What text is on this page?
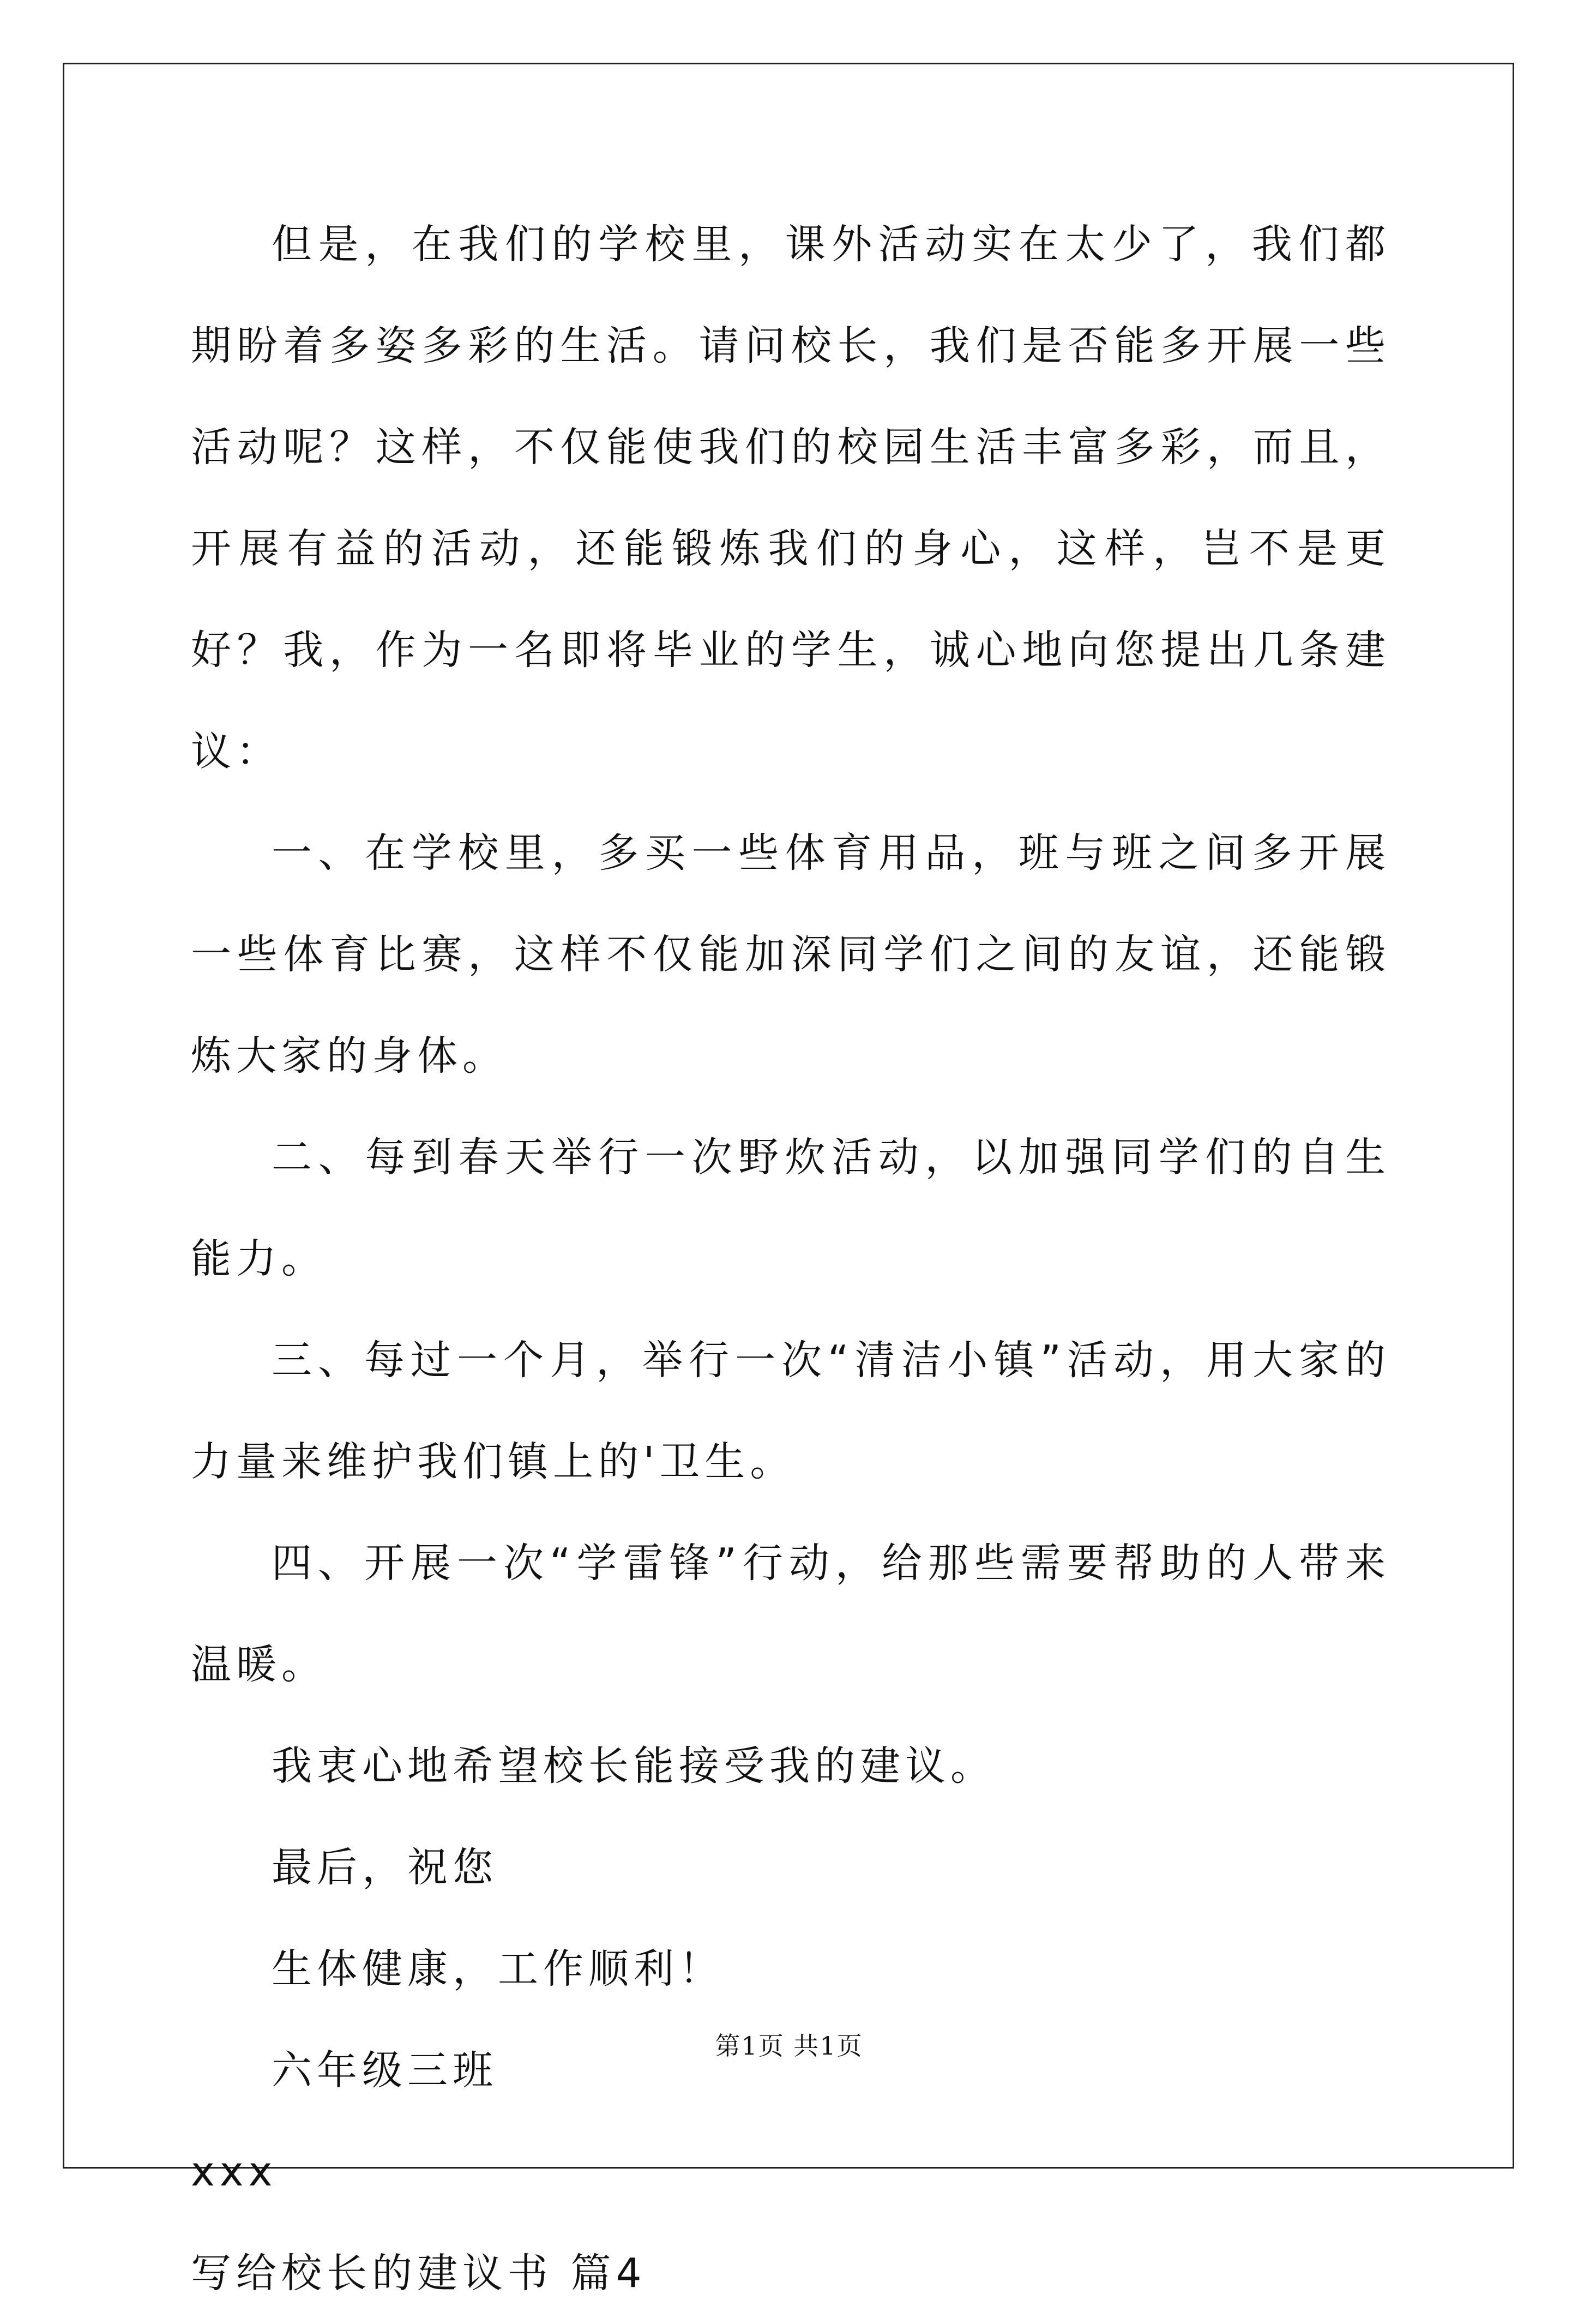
但是，在我们的学校里，课外活动实在太少了，我们都期盼着多姿多彩的生活。请问校长，我们是否能多开展一些活动呢？这样，不仅能使我们的校园生活丰富多彩，而且，开展有益的活动，还能锻炼我们的身心，这样，岂不是更好？我，作为一名即将毕业的学生，诚心地向您提出几条建议：

一、在学校里，多买一些体育用品，班与班之间多开展一些体育比赛，这样不仅能加深同学们之间的友谊，还能锻炼大家的身体。

二、每到春天举行一次野炊活动，以加强同学们的自生能力。

三、每过一个月，举行一次“清洁小镇”活动，用大家的力量来维护我们镇上的'卫生。

四、开展一次“学雷锋”行动，给那些需要帮助的人带来温暖。

我衷心地希望校长能接受我的建议。

最后，祝您

生体健康，工作顺利！

六年级三班

xxx

写给校长的建议书 篇4

第1页 共1页
